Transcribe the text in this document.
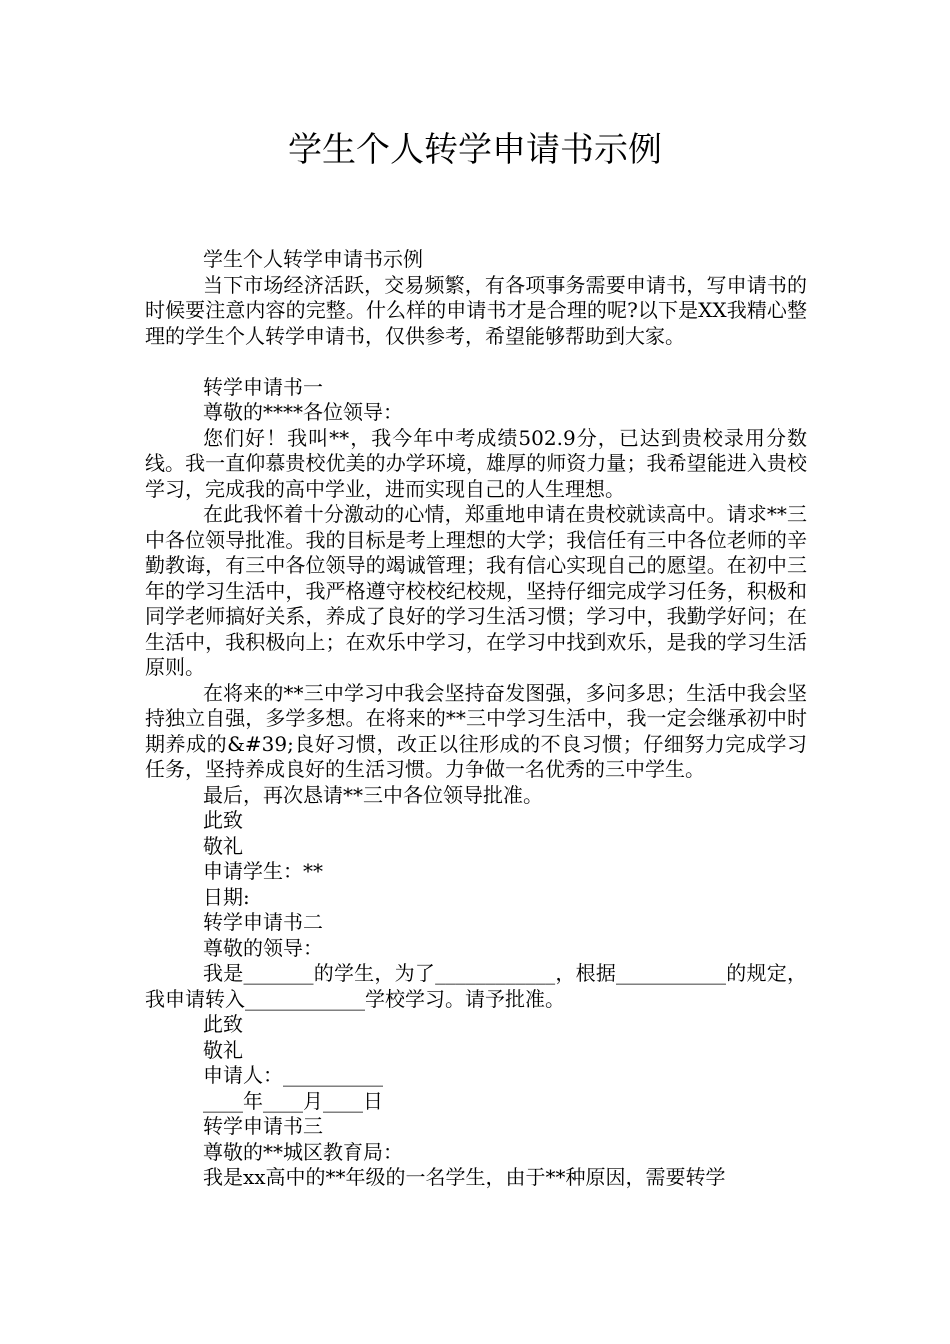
学生个人转学申请书示例

学生个人转学申请书示例

当下市场经济活跃，交易频繁，有各项事务需要申请书，写申请书的时候要注意内容的完整。什么样的申请书才是合理的呢?以下是XX我精心整理的学生个人转学申请书，仅供参考，希望能够帮助到大家。

转学申请书一

尊敬的****各位领导：

您们好！我叫**，我今年中考成绩502.9分，已达到贵校录用分数线。我一直仰慕贵校优美的办学环境，雄厚的师资力量；我希望能进入贵校学习，完成我的高中学业，进而实现自己的人生理想。

在此我怀着十分激动的心情，郑重地申请在贵校就读高中。请求**三中各位领导批准。我的目标是考上理想的大学；我信任有三中各位老师的辛勤教诲，有三中各位领导的竭诚管理；我有信心实现自己的愿望。在初中三年的学习生活中，我严格遵守校校纪校规，坚持仔细完成学习任务，积极和同学老师搞好关系，养成了良好的学习生活习惯；学习中，我勤学好问；在生活中，我积极向上；在欢乐中学习，在学习中找到欢乐，是我的学习生活原则。

在将来的**三中学习中我会坚持奋发图强，多问多思；生活中我会坚持独立自强，多学多想。在将来的**三中学习生活中，我一定会继承初中时期养成的&#39;良好习惯，改正以往形成的不良习惯；仔细努力完成学习任务，坚持养成良好的生活习惯。力争做一名优秀的三中学生。

最后，再次恳请**三中各位领导批准。

此致

敬礼

申请学生：**

日期:

转学申请书二

尊敬的领导：

我是_______的学生，为了____________，根据___________的规定，我申请转入____________学校学习。请予批准。

此致

敬礼

申请人：__________

____年____月____日

转学申请书三

尊敬的**城区教育局：

我是xx高中的**年级的一名学生，由于**种原因，需要转学
